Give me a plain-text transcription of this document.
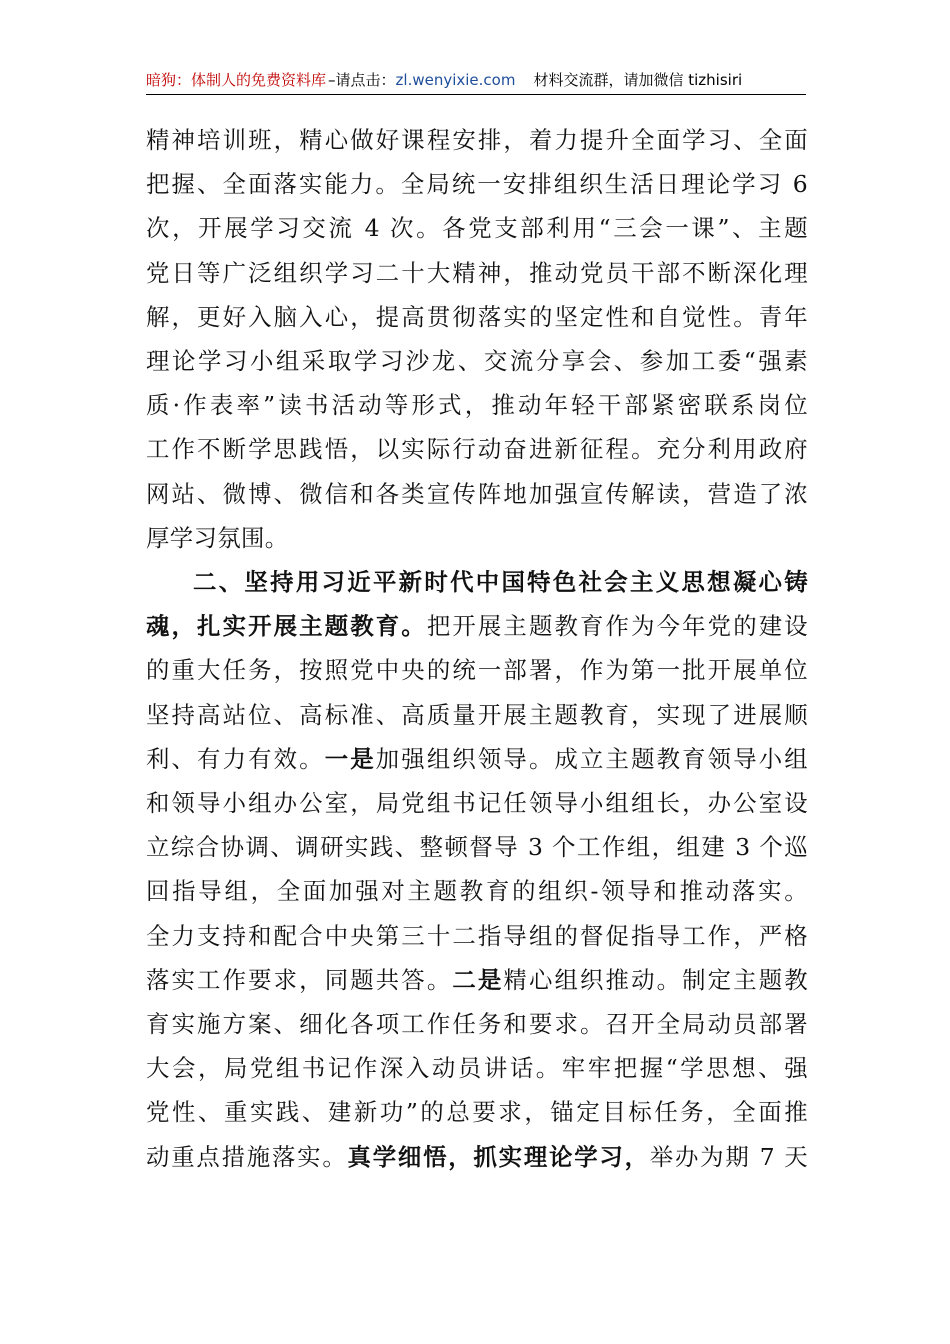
暗狗：体制人的免费资料库 –请点击：zl.wenyixie.com 材料交流群，请加微信 tizhisiri

精神培训班，精心做好课程安排，着力提升全面学习、全面
把握、全面落实能力。全局统一安排组织生活日理论学习 6
次，开展学习交流 4 次。各党支部利用“三会一课”、主题
党日等广泛组织学习二十大精神，推动党员干部不断深化理
解，更好入脑入心，提高贯彻落实的坚定性和自觉性。青年
理论学习小组采取学习沙龙、交流分享会、参加工委“强素
质·作表率”读书活动等形式，推动年轻干部紧密联系岗位
工作不断学思践悟，以实际行动奋进新征程。充分利用政府
网站、微博、微信和各类宣传阵地加强宣传解读，营造了浓
厚学习氛围。

二、坚持用习近平新时代中国特色社会主义思想凝心铸
魂，扎实开展主题教育。把开展主题教育作为今年党的建设
的重大任务，按照党中央的统一部署，作为第一批开展单位
坚持高站位、高标准、高质量开展主题教育，实现了进展顺
利、有力有效。一是加强组织领导。成立主题教育领导小组
和领导小组办公室，局党组书记任领导小组组长，办公室设
立综合协调、调研实践、整顿督导 3 个工作组，组建 3 个巡
回指导组，全面加强对主题教育的组织-领导和推动落实。
全力支持和配合中央第三十二指导组的督促指导工作，严格
落实工作要求，同题共答。二是精心组织推动。制定主题教
育实施方案、细化各项工作任务和要求。召开全局动员部署
大会，局党组书记作深入动员讲话。牢牢把握“学思想、强
党性、重实践、建新功”的总要求，锚定目标任务，全面推
动重点措施落实。真学细悟，抓实理论学习，举办为期 7 天
